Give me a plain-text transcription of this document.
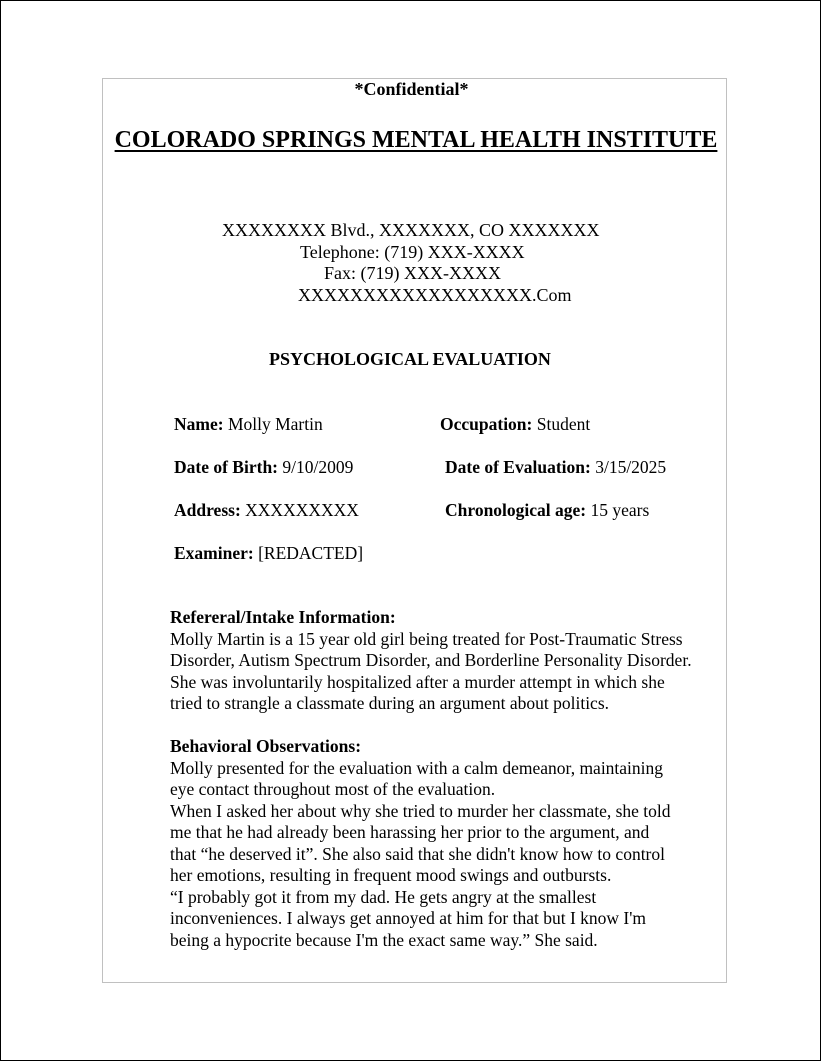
*Confidential*
COLORADO SPRINGS MENTAL HEALTH INSTITUTE
XXXXXXXX Blvd., XXXXXXX, CO XXXXXXX
Telephone: (719) XXX-XXXX
Fax: (719) XXX-XXXX
XXXXXXXXXXXXXXXXXX.Com
PSYCHOLOGICAL EVALUATION
Name: Molly Martin	Occupation: Student
Date of Birth: 9/10/2009	Date of Evaluation: 3/15/2025
Address: XXXXXXXXX	Chronological age: 15 years
Examiner: [REDACTED]

Refereral/Intake Information:

Molly Martin is a 15 year old girl being treated for Post-Traumatic Stress

Disorder, Autism Spectrum Disorder, and Borderline Personality Disorder.

She was involuntarily hospitalized after a murder attempt in which she

tried to strangle a classmate during an argument about politics.

Behavioral Observations:

Molly presented for the evaluation with a calm demeanor, maintaining

eye contact throughout most of the evaluation.

When I asked her about why she tried to murder her classmate, she told

me that he had already been harassing her prior to the argument, and

that “he deserved it”. She also said that she didn't know how to control

her emotions, resulting in frequent mood swings and outbursts.

“I probably got it from my dad. He gets angry at the smallest

inconveniences. I always get annoyed at him for that but I know I'm

being a hypocrite because I'm the exact same way.” She said.
